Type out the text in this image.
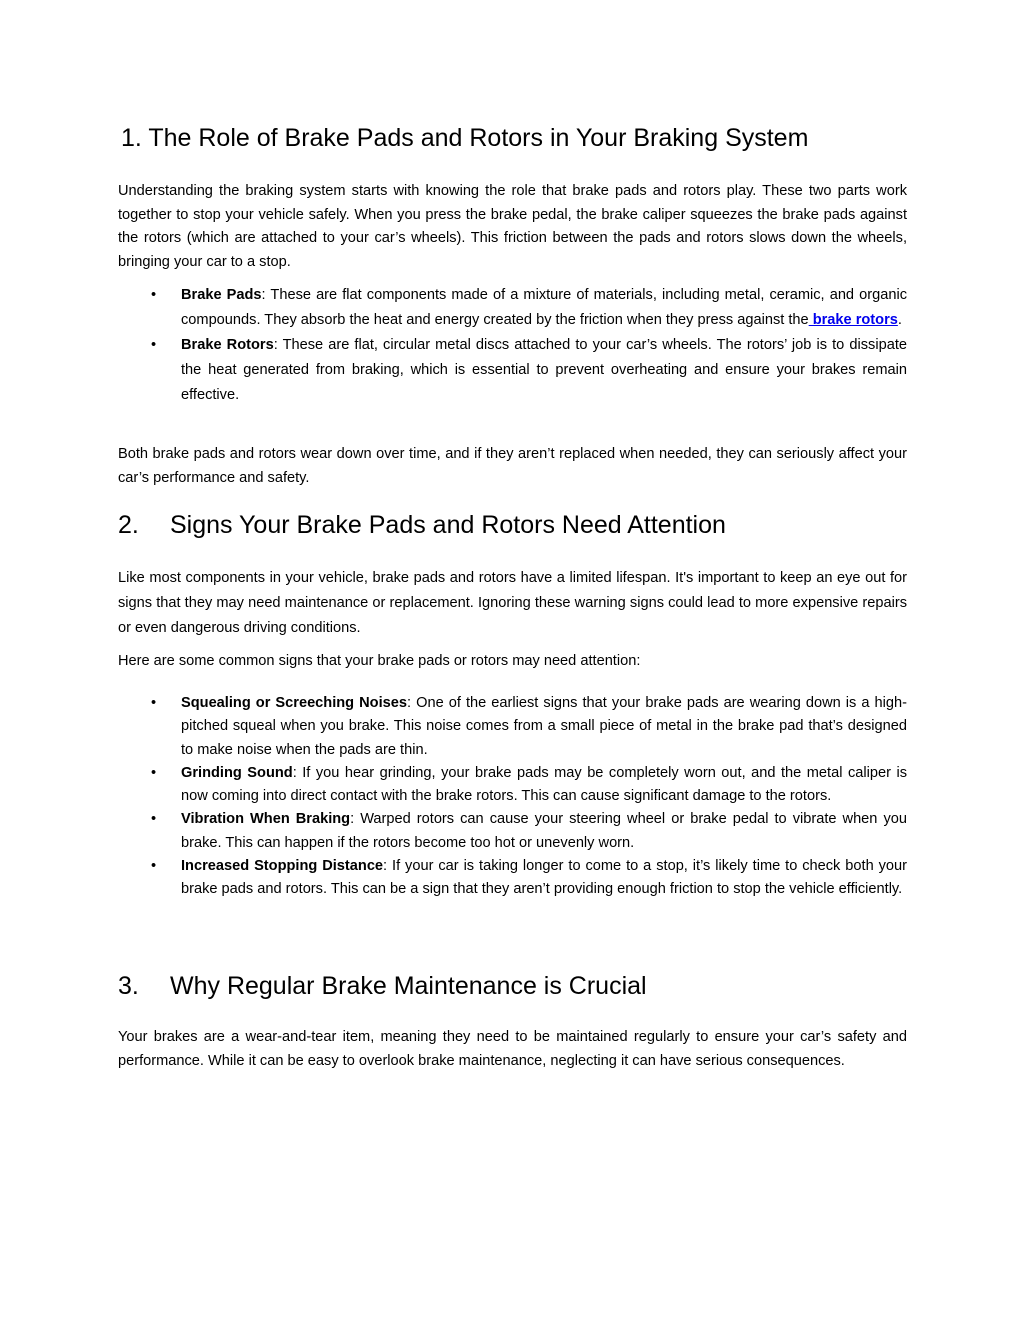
1. The Role of Brake Pads and Rotors in Your Braking System

Understanding the braking system starts with knowing the role that brake pads and rotors play. These two parts work together to stop your vehicle safely. When you press the brake pedal, the brake caliper squeezes the brake pads against the rotors (which are attached to your car’s wheels). This friction between the pads and rotors slows down the wheels, bringing your car to a stop.

• Brake Pads: These are flat components made of a mixture of materials, including metal, ceramic, and organic compounds. They absorb the heat and energy created by the friction when they press against the brake rotors.
• Brake Rotors: These are flat, circular metal discs attached to your car’s wheels. The rotors’ job is to dissipate the heat generated from braking, which is essential to prevent overheating and ensure your brakes remain effective.

Both brake pads and rotors wear down over time, and if they aren’t replaced when needed, they can seriously affect your car’s performance and safety.

2. Signs Your Brake Pads and Rotors Need Attention

Like most components in your vehicle, brake pads and rotors have a limited lifespan. It's important to keep an eye out for signs that they may need maintenance or replacement. Ignoring these warning signs could lead to more expensive repairs or even dangerous driving conditions.

Here are some common signs that your brake pads or rotors may need attention:

• Squealing or Screeching Noises: One of the earliest signs that your brake pads are wearing down is a high-pitched squeal when you brake. This noise comes from a small piece of metal in the brake pad that’s designed to make noise when the pads are thin.
• Grinding Sound: If you hear grinding, your brake pads may be completely worn out, and the metal caliper is now coming into direct contact with the brake rotors. This can cause significant damage to the rotors.
• Vibration When Braking: Warped rotors can cause your steering wheel or brake pedal to vibrate when you brake. This can happen if the rotors become too hot or unevenly worn.
• Increased Stopping Distance: If your car is taking longer to come to a stop, it’s likely time to check both your brake pads and rotors. This can be a sign that they aren’t providing enough friction to stop the vehicle efficiently.
3. Why Regular Brake Maintenance is Crucial

Your brakes are a wear-and-tear item, meaning they need to be maintained regularly to ensure your car’s safety and performance. While it can be easy to overlook brake maintenance, neglecting it can have serious consequences.
